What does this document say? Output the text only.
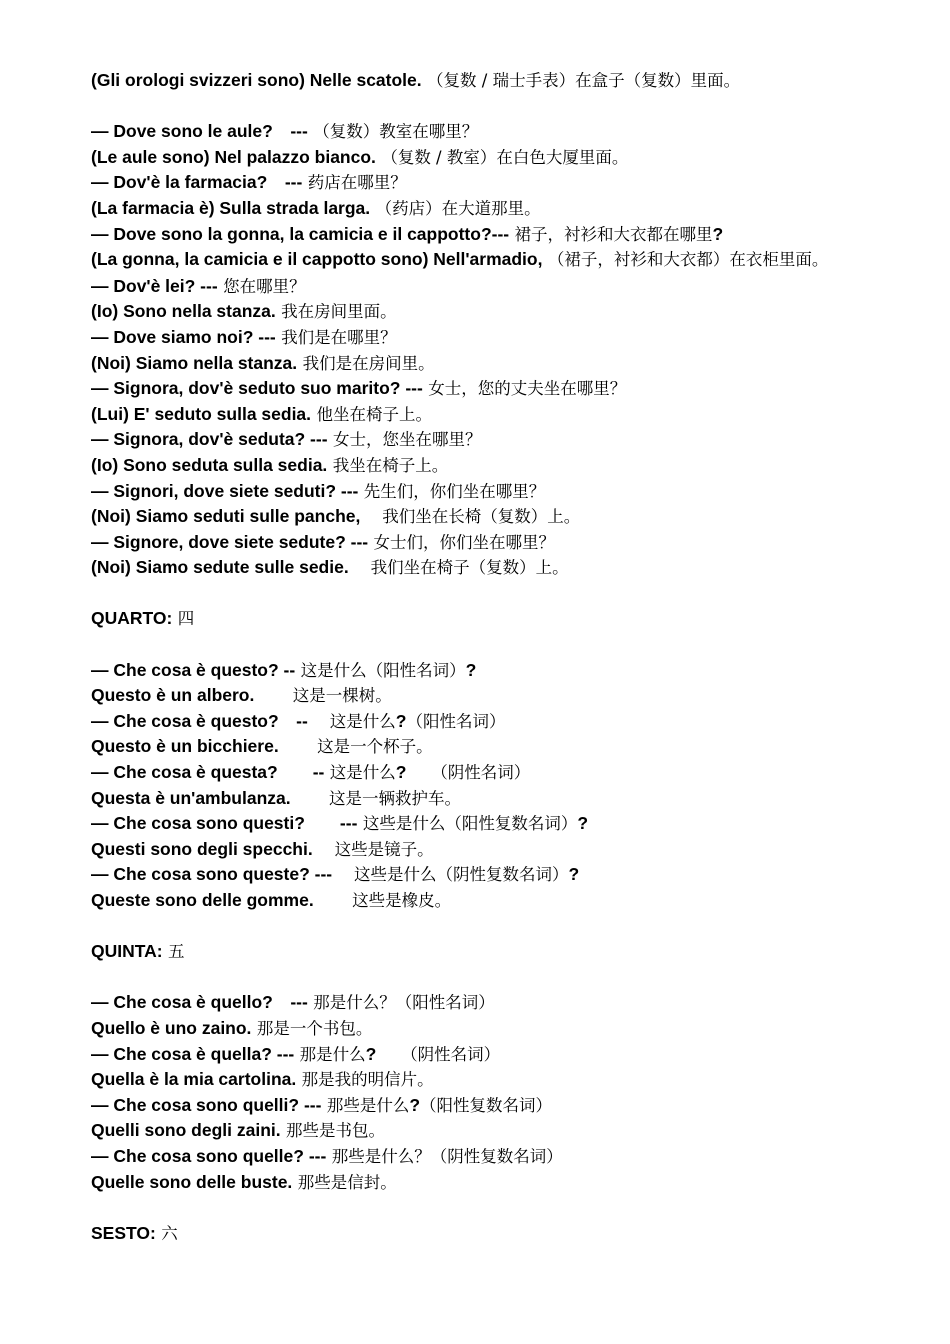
(Gli orologi svizzeri sono) Nelle scatole. （复数 / 瑞士手表）在盒子（复数）里面。
— Dove sono le aule?　--- （复数）教室在哪里？
(Le aule sono) Nel palazzo bianco. （复数 / 教室）在白色大厦里面。
— Dov'è la farmacia?　--- 药店在哪里？
(La farmacia è) Sulla strada larga. （药店）在大道那里。
— Dove sono la gonna, la camicia e il cappotto?--- 裙子，衬衫和大衣都在哪里?
(La gonna, la camicia e il cappotto sono) Nell'armadio, （裙子，衬衫和大衣都）在衣柜里面。
— Dov'è lei? --- 您在哪里？
(Io) Sono nella stanza. 我在房间里面。
— Dove siamo noi? --- 我们是在哪里？
(Noi) Siamo nella stanza. 我们是在房间里。
— Signora, dov'è seduto suo marito? --- 女士，您的丈夫坐在哪里？
(Lui) E' seduto sulla sedia. 他坐在椅子上。
— Signora, dov'è seduta? --- 女士，您坐在哪里？
(Io) Sono seduta sulla sedia. 我坐在椅子上。
— Signori, dove siete seduti? --- 先生们，你们坐在哪里？
(Noi) Siamo seduti sulle panche, 　我们坐在长椅（复数）上。
— Signore, dove siete sedute? --- 女士们，你们坐在哪里？
(Noi) Siamo sedute sulle sedie. 　我们坐在椅子（复数）上。
QUARTO: 四
— Che cosa è questo? -- 这是什么（阳性名词）?
Questo è un albero. 　　这是一棵树。
— Che cosa è questo?　-- 　这是什么?（阳性名词）
Questo è un bicchiere. 　　这是一个杯子。
— Che cosa è questa?　　-- 这是什么?　　（阴性名词）
Questa è un'ambulanza. 　　这是一辆救护车。
— Che cosa sono questi?　　--- 这些是什么（阳性复数名词）?
Questi sono degli specchi. 　这些是镜子。
— Che cosa sono queste? --- 　这些是什么（阴性复数名词）?
Queste sono delle gomme. 　　这些是橡皮。
QUINTA: 五
— Che cosa è quello?　--- 那是什么？（阳性名词）
Quello è uno zaino. 那是一个书包。
— Che cosa è quella? --- 那是什么?　　（阴性名词）
Quella è la mia cartolina. 那是我的明信片。
— Che cosa sono quelli? --- 那些是什么?（阳性复数名词）
Quelli sono degli zaini. 那些是书包。
— Che cosa sono quelle? --- 那些是什么？（阴性复数名词）
Quelle sono delle buste. 那些是信封。
SESTO: 六
